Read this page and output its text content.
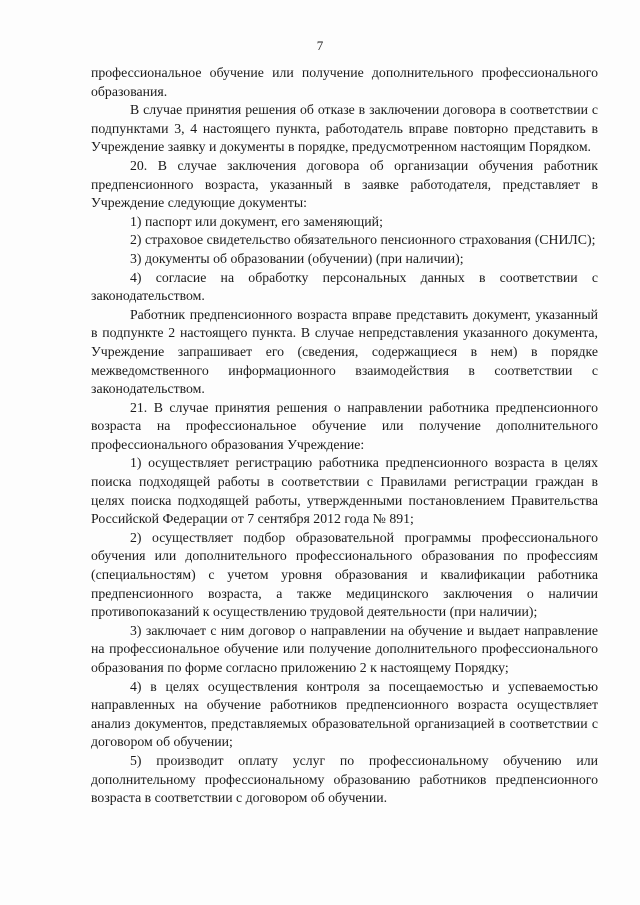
7

профессиональное обучение или получение дополнительного профессионального образования.

В случае принятия решения об отказе в заключении договора в соответствии с подпунктами 3, 4 настоящего пункта, работодатель вправе повторно представить в Учреждение заявку и документы в порядке, предусмотренном настоящим Порядком.

20. В случае заключения договора об организации обучения работник предпенсионного возраста, указанный в заявке работодателя, представляет в Учреждение следующие документы:

1) паспорт или документ, его заменяющий;

2) страховое свидетельство обязательного пенсионного страхования (СНИЛС);

3) документы об образовании (обучении) (при наличии);

4) согласие на обработку персональных данных в соответствии с законодательством.

Работник предпенсионного возраста вправе представить документ, указанный в подпункте 2 настоящего пункта. В случае непредставления указанного документа, Учреждение запрашивает его (сведения, содержащиеся в нем) в порядке межведомственного информационного взаимодействия в соответствии с законодательством.

21. В случае принятия решения о направлении работника предпенсионного возраста на профессиональное обучение или получение дополнительного профессионального образования Учреждение:

1) осуществляет регистрацию работника предпенсионного возраста в целях поиска подходящей работы в соответствии с Правилами регистрации граждан в целях поиска подходящей работы, утвержденными постановлением Правительства Российской Федерации от 7 сентября 2012 года № 891;

2) осуществляет подбор образовательной программы профессионального обучения или дополнительного профессионального образования по профессиям (специальностям) с учетом уровня образования и квалификации работника предпенсионного возраста, а также медицинского заключения о наличии противопоказаний к осуществлению трудовой деятельности (при наличии);

3) заключает с ним договор о направлении на обучение и выдает направление на профессиональное обучение или получение дополнительного профессионального образования по форме согласно приложению 2 к настоящему Порядку;

4) в целях осуществления контроля за посещаемостью и успеваемостью направленных на обучение работников предпенсионного возраста осуществляет анализ документов, представляемых образовательной организацией в соответствии с договором об обучении;

5) производит оплату услуг по профессиональному обучению или дополнительному профессиональному образованию работников предпенсионного возраста в соответствии с договором об обучении.
